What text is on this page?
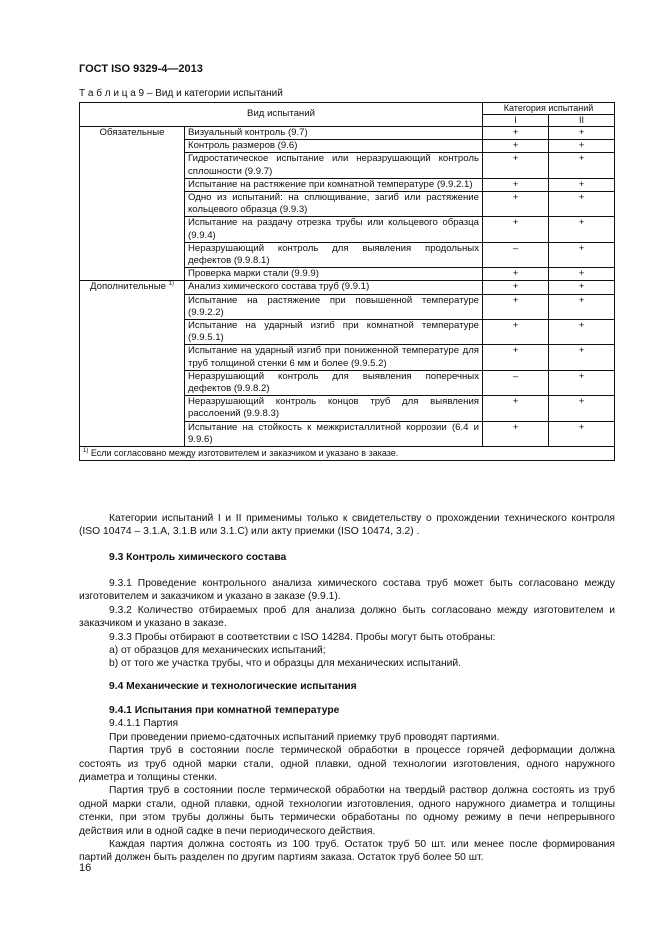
ГОСТ ISO 9329-4—2013
Т а б л и ц а 9 – Вид и категории испытаний
Вид испытаний		Категория испытаний	
		I	II
Обязательные	Визуальный контроль (9.7)	+	+
	Контроль размеров (9.6)	+	+
	Гидростатическое испытание или неразрушающий контроль сплошности (9.9.7)	+	+
	Испытание на растяжение при комнатной температуре (9.9.2.1)	+	+
	Одно из испытаний: на сплющивание, загиб или растяжение кольцевого образца (9.9.3)	+	+
	Испытание на раздачу отрезка трубы или кольцевого образца (9.9.4)	+	+
	Неразрушающий контроль для выявления продольных дефектов (9.9.8.1)	–	+
	Проверка марки стали (9.9.9)	+	+
Дополнительные $^{1)}$	Анализ химического состава труб (9.9.1)	+	+
	Испытание на растяжение при повышенной температуре (9.9.2.2)	+	+
	Испытание на ударный изгиб при комнатной температуре (9.9.5.1)	+	+
	Испытание на ударный изгиб при пониженной температуре для труб толщиной стенки 6 мм и более (9.9.5.2)	+	+
	Неразрушающий контроль для выявления поперечных дефектов (9.9.8.2)	–	+
	Неразрушающий контроль концов труб для выявления расслоений (9.9.8.3)	+	+
	Испытание на стойкость к межкристаллитной коррозии (6.4 и 9.9.6)	+	+
$^{1)}$ Если согласовано между изготовителем и заказчиком и указано в заказе.			

Категории испытаний I и II применимы только к свидетельству о прохождении технического контроля (ISO 10474 – 3.1.A, 3.1.B или 3.1.C) или акту приемки (ISO 10474, 3.2) .

9.3 Контроль химического состава

9.3.1 Проведение контрольного анализа химического состава труб может быть согласовано между изготовителем и заказчиком и указано в заказе (9.9.1).

9.3.2 Количество отбираемых проб для анализа должно быть согласовано между изготовителем и заказчиком и указано в заказе.

9.3.3 Пробы отбирают в соответствии с ISO 14284. Пробы могут быть отобраны:

a) от образцов для механических испытаний;

b) от того же участка трубы, что и образцы для механических испытаний.

9.4 Механические и технологические испытания

9.4.1 Испытания при комнатной температуре

9.4.1.1 Партия

При проведении приемо-сдаточных испытаний приемку труб проводят партиями.

Партия труб в состоянии после термической обработки в процессе горячей деформации должна состоять из труб одной марки стали, одной плавки, одной технологии изготовления, одного наружного диаметра и толщины стенки.

Партия труб в состоянии после термической обработки на твердый раствор должна состоять из труб одной марки стали, одной плавки, одной технологии изготовления, одного наружного диаметра и толщины стенки, при этом трубы должны быть термически обработаны по одному режиму в печи непрерывного действия или в одной садке в печи периодического действия.

Каждая партия должна состоять из 100 труб. Остаток труб 50 шт. или менее после формирования партий должен быть разделен по другим партиям заказа. Остаток труб более 50 шт.

16
